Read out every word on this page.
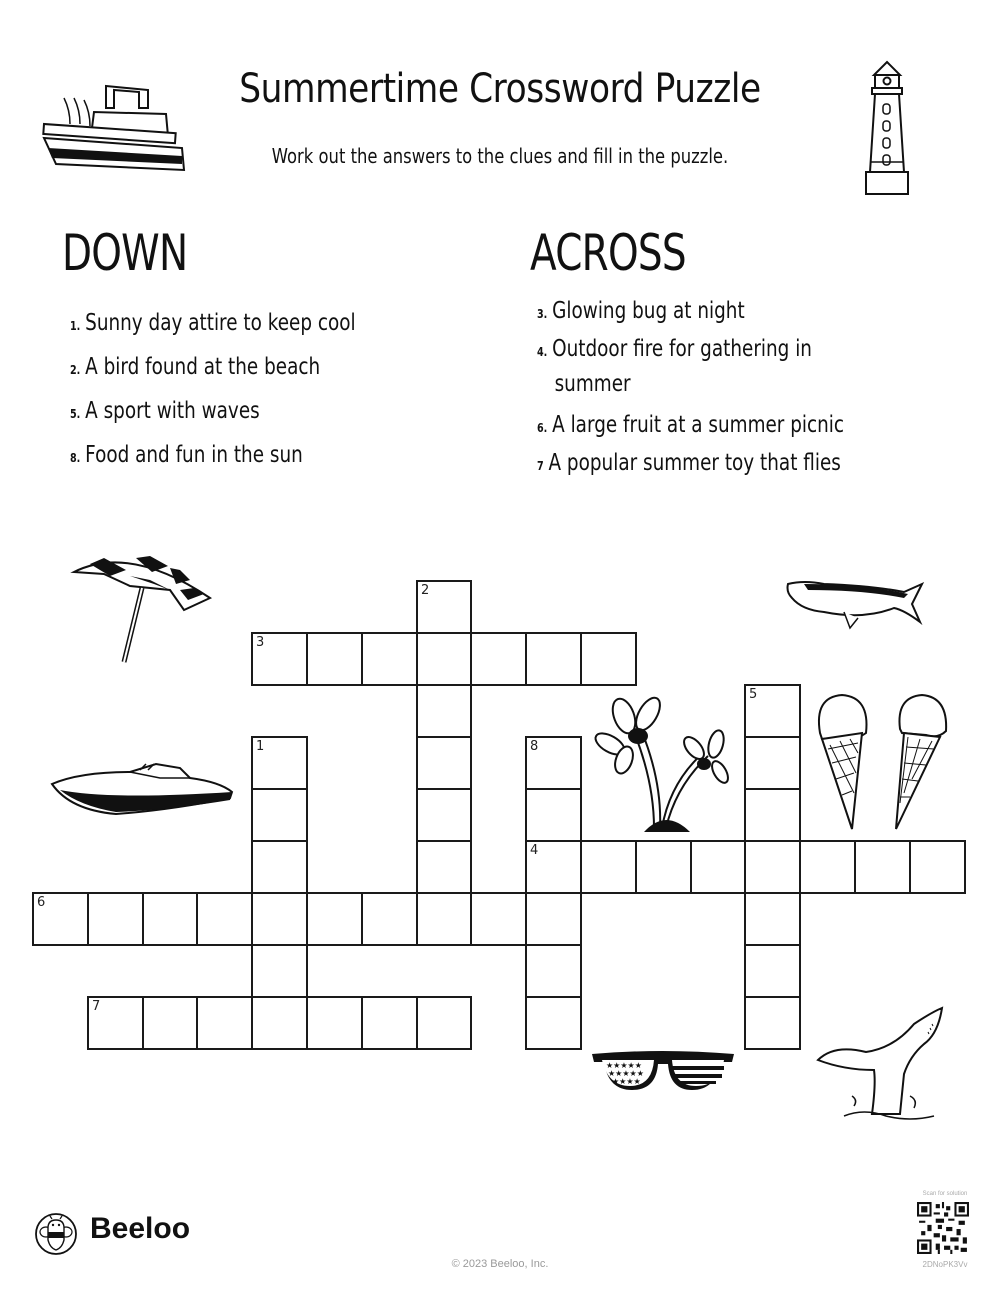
Summertime Crossword Puzzle
Work out the answers to the clues and fill in the puzzle.
DOWN
1. Sunny day attire to keep cool
2. A bird found at the beach
5. A sport with waves
8. Food and fun in the sun
ACROSS
3. Glowing bug at night
4. Outdoor fire for gathering in
summer
6. A large fruit at a summer picnic
7 A popular summer toy that flies
1
2
3
4
5
6
7
8
★★★★★
★★★★★
★★★★
Beeloo
© 2023 Beeloo, Inc.
Scan for solution
2DNoPK3Vv
